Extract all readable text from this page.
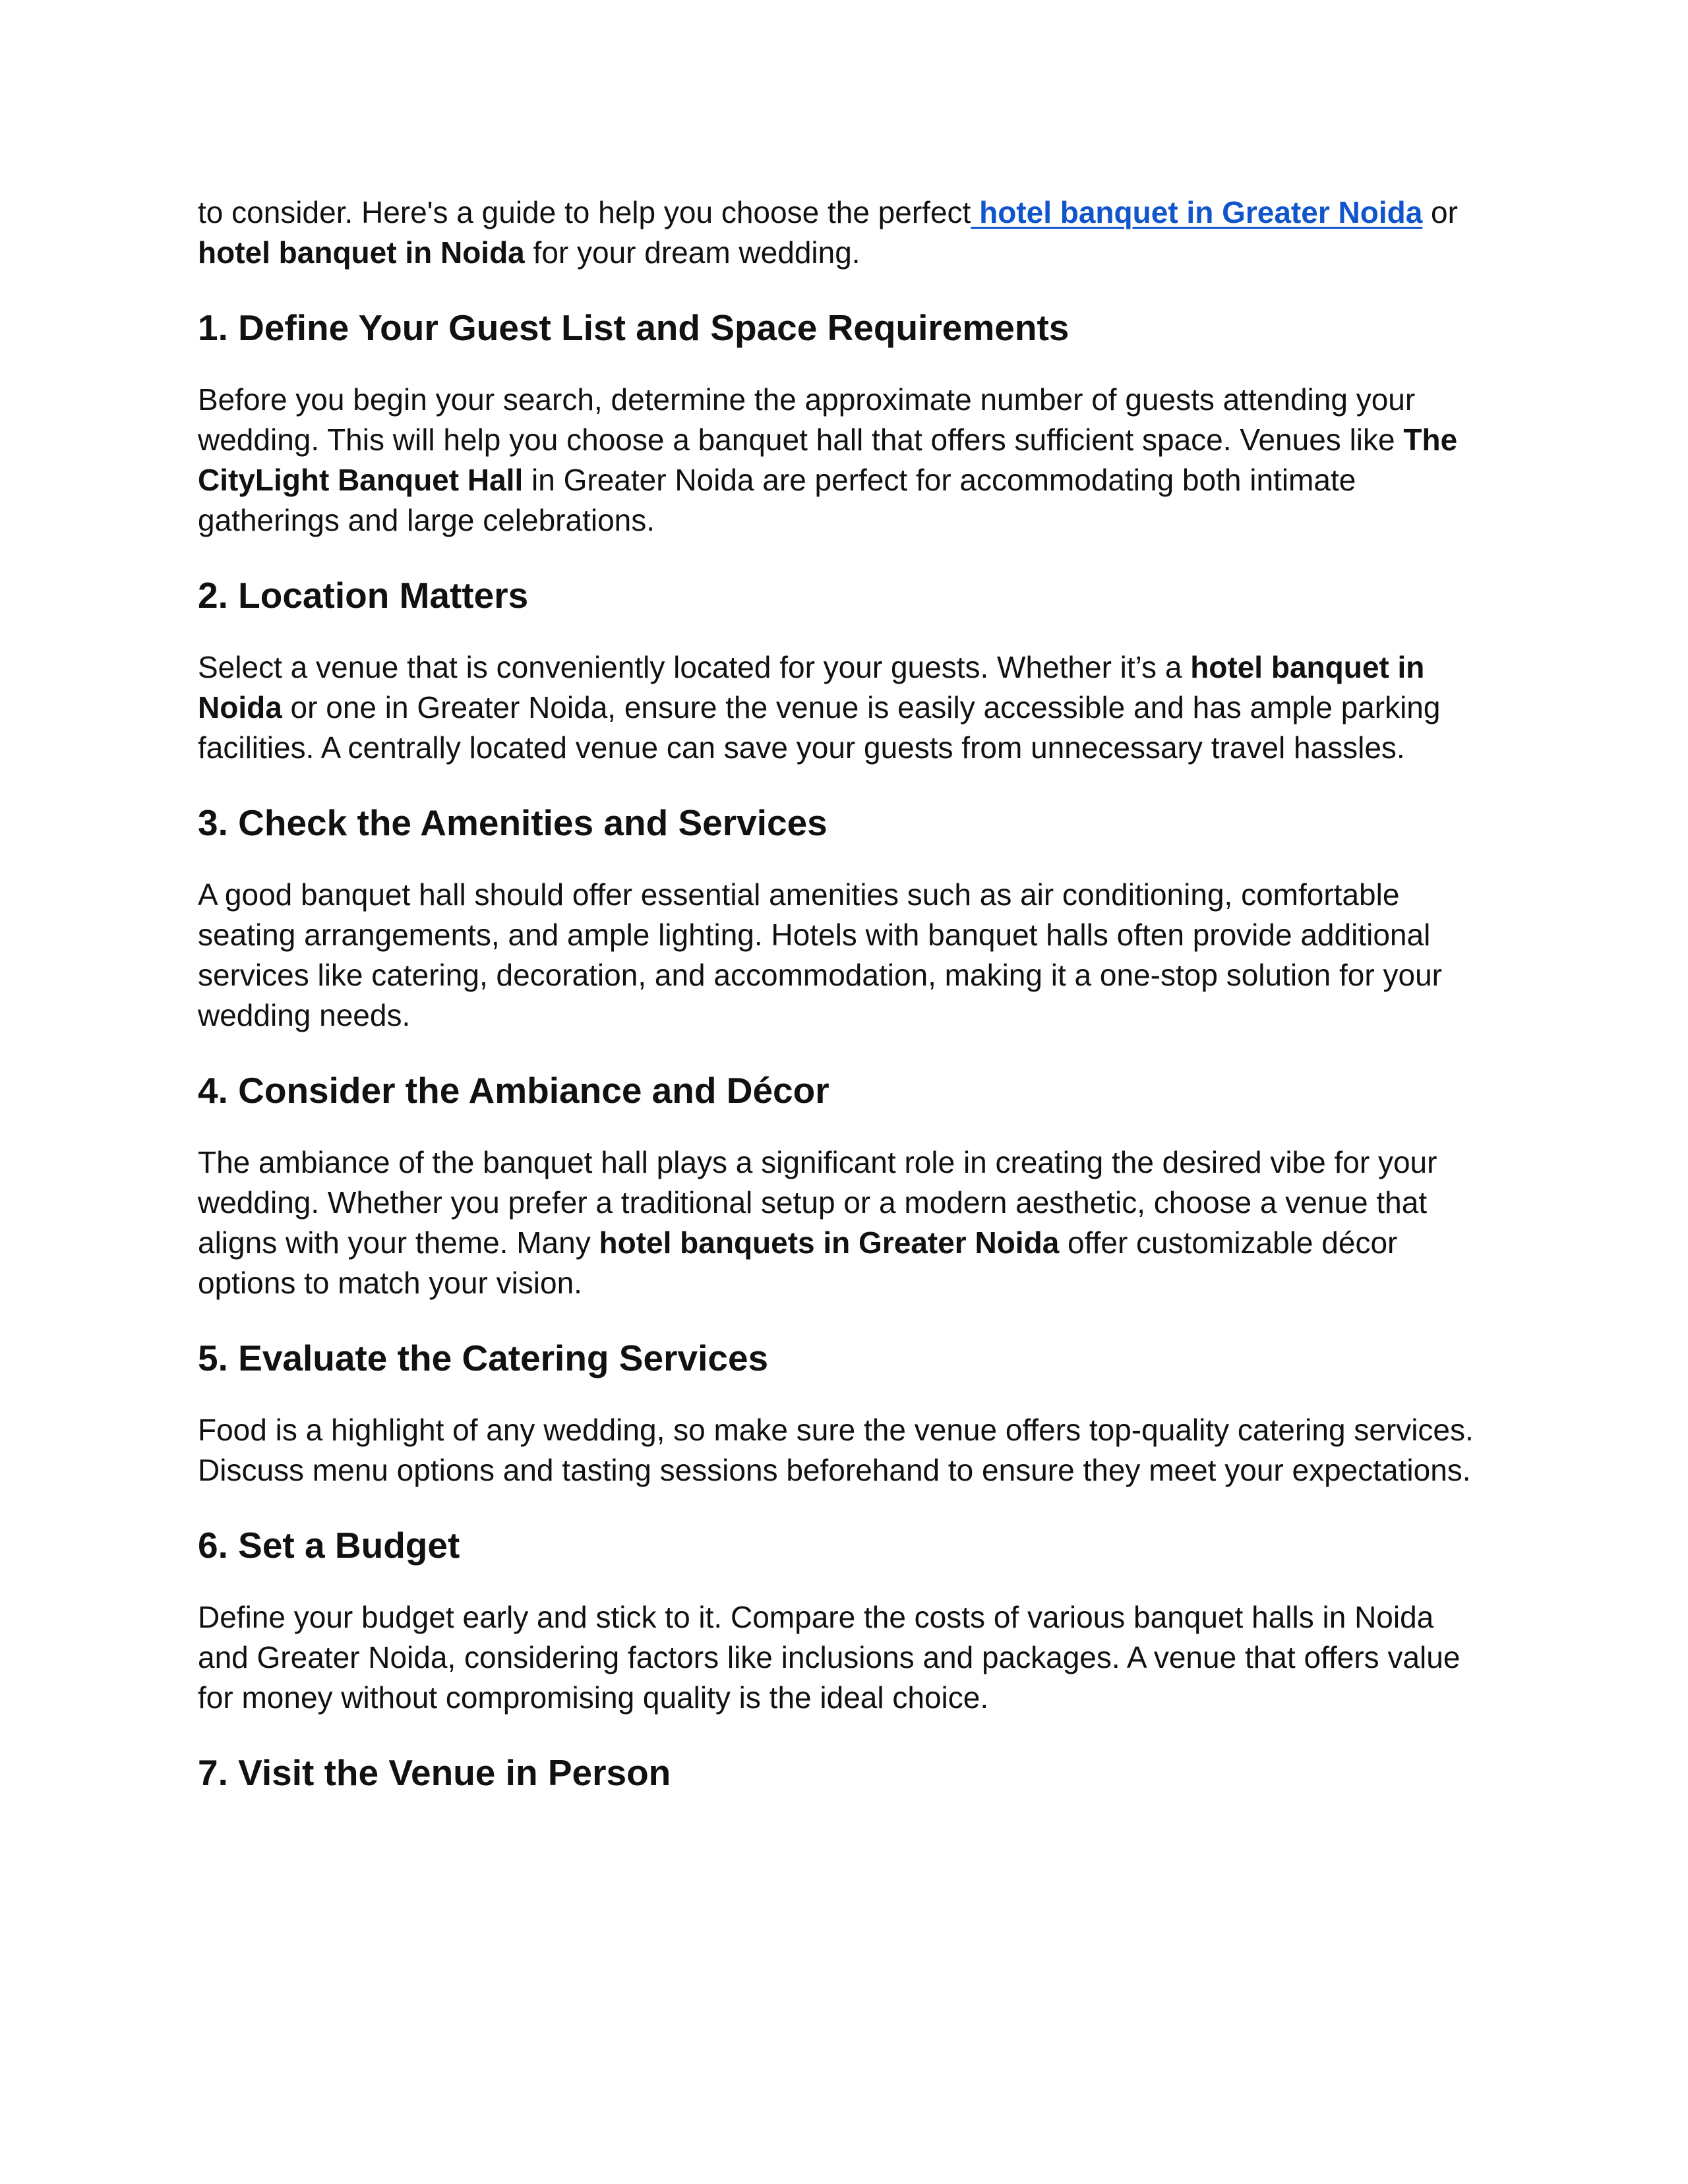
to consider. Here's a guide to help you choose the perfect hotel banquet in Greater Noida or hotel banquet in Noida for your dream wedding.

1. Define Your Guest List and Space Requirements

Before you begin your search, determine the approximate number of guests attending your wedding. This will help you choose a banquet hall that offers sufficient space. Venues like The CityLight Banquet Hall in Greater Noida are perfect for accommodating both intimate gatherings and large celebrations.

2. Location Matters

Select a venue that is conveniently located for your guests. Whether it’s a hotel banquet in Noida or one in Greater Noida, ensure the venue is easily accessible and has ample parking facilities. A centrally located venue can save your guests from unnecessary travel hassles.

3. Check the Amenities and Services

A good banquet hall should offer essential amenities such as air conditioning, comfortable seating arrangements, and ample lighting. Hotels with banquet halls often provide additional services like catering, decoration, and accommodation, making it a one-stop solution for your wedding needs.

4. Consider the Ambiance and Décor

The ambiance of the banquet hall plays a significant role in creating the desired vibe for your wedding. Whether you prefer a traditional setup or a modern aesthetic, choose a venue that aligns with your theme. Many hotel banquets in Greater Noida offer customizable décor options to match your vision.

5. Evaluate the Catering Services

Food is a highlight of any wedding, so make sure the venue offers top-quality catering services. Discuss menu options and tasting sessions beforehand to ensure they meet your expectations.

6. Set a Budget

Define your budget early and stick to it. Compare the costs of various banquet halls in Noida and Greater Noida, considering factors like inclusions and packages. A venue that offers value for money without compromising quality is the ideal choice.

7. Visit the Venue in Person
